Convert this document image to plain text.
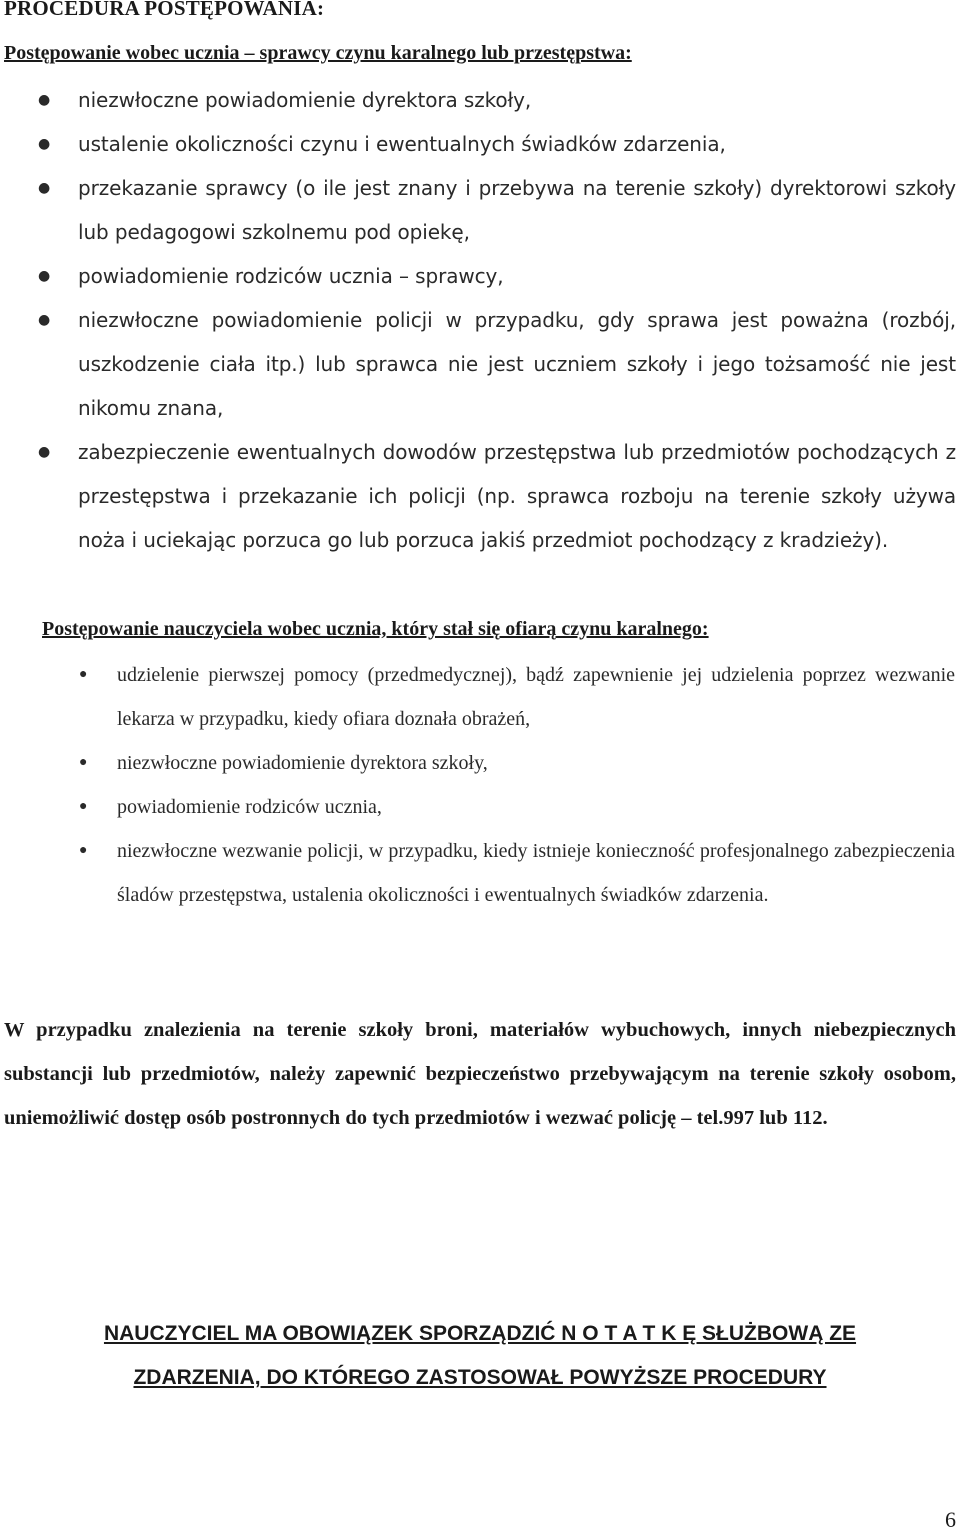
PROCEDURA POSTĘPOWANIA:
Postępowanie wobec ucznia – sprawcy czynu karalnego lub przestępstwa:
● niezwłoczne powiadomienie dyrektora szkoły,
● ustalenie okoliczności czynu i ewentualnych świadków zdarzenia,
● przekazanie sprawcy (o ile jest znany i przebywa na terenie szkoły) dyrektorowi szkoły lub pedagogowi szkolnemu pod opiekę,
● powiadomienie rodziców ucznia – sprawcy,
● niezwłoczne powiadomienie policji w przypadku, gdy sprawa jest poważna (rozbój, uszkodzenie ciała itp.) lub sprawca nie jest uczniem szkoły i jego tożsamość nie jest nikomu znana,
● zabezpieczenie ewentualnych dowodów przestępstwa lub przedmiotów pochodzących z przestępstwa i przekazanie ich policji (np. sprawca rozboju na terenie szkoły używa noża i uciekając porzuca go lub porzuca jakiś przedmiot pochodzący z kradzieży).
Postępowanie nauczyciela wobec ucznia, który stał się ofiarą czynu karalnego:
● udzielenie pierwszej pomocy (przedmedycznej), bądź zapewnienie jej udzielenia poprzez wezwanie lekarza w przypadku, kiedy ofiara doznała obrażeń,
● niezwłoczne powiadomienie dyrektora szkoły,
● powiadomienie rodziców ucznia,
● niezwłoczne wezwanie policji, w przypadku, kiedy istnieje konieczność profesjonalnego zabezpieczenia śladów przestępstwa, ustalenia okoliczności i ewentualnych świadków zdarzenia.

W przypadku znalezienia na terenie szkoły broni, materiałów wybuchowych, innych niebezpiecznych substancji lub przedmiotów, należy zapewnić bezpieczeństwo przebywającym na terenie szkoły osobom, uniemożliwić dostęp osób postronnych do tych przedmiotów i wezwać policję – tel.997 lub 112.

NAUCZYCIEL MA OBOWIĄZEK SPORZĄDZIĆ N O T A T K Ę SŁUŻBOWĄ ZE
ZDARZENIA, DO KTÓREGO ZASTOSOWAŁ POWYŻSZE PROCEDURY
6
